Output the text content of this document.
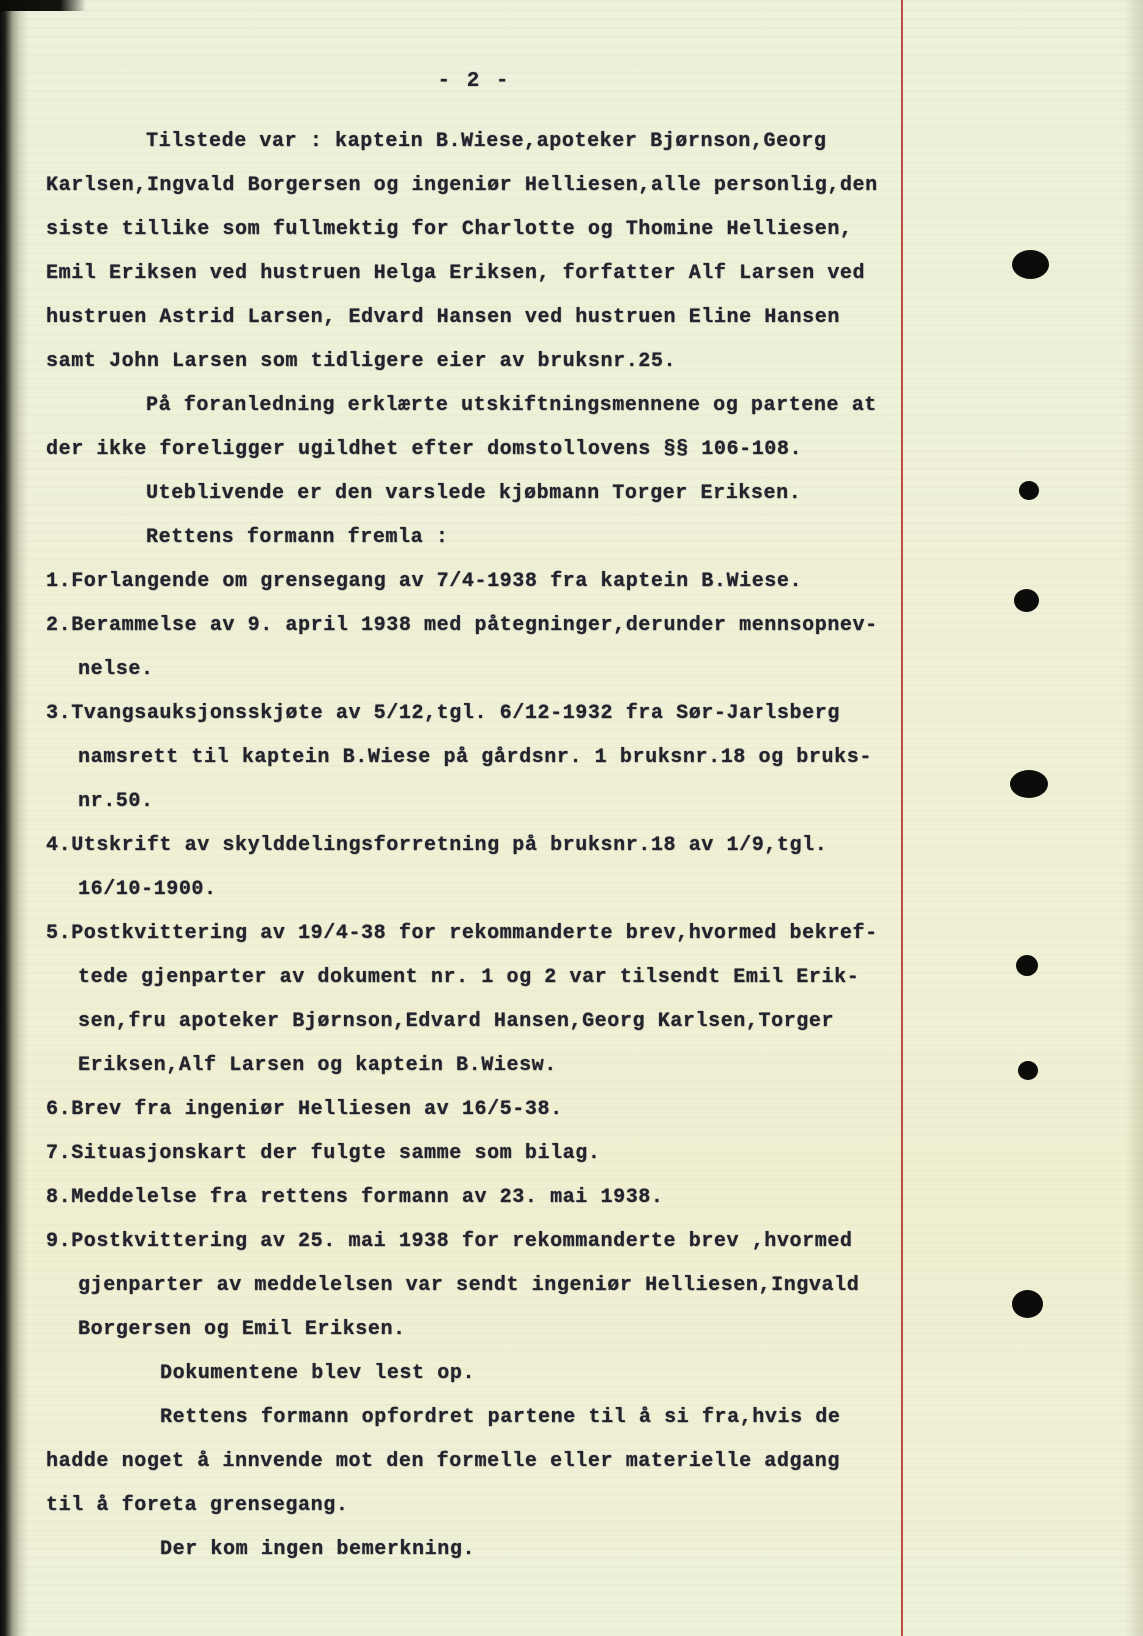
- 2 -
Tilstede var : kaptein B.Wiese,apoteker Bjørnson,Georg
Karlsen,Ingvald Borgersen og ingeniør Helliesen,alle personlig,den
siste tillike som fullmektig for Charlotte og Thomine Helliesen,
Emil Eriksen ved hustruen Helga Eriksen, forfatter Alf Larsen ved
hustruen Astrid Larsen, Edvard Hansen ved hustruen Eline Hansen
samt John Larsen som tidligere eier av bruksnr.25.
På foranledning erklærte utskiftningsmennene og partene at
der ikke foreligger ugildhet efter domstollovens §§ 106-108.
Uteblivende er den varslede kjøbmann Torger Eriksen.
Rettens formann fremla :
1.Forlangende om grensegang av 7/4-1938 fra kaptein B.Wiese.
2.Berammelse av 9. april 1938 med påtegninger,derunder mennsopnev-
nelse.
3.Tvangsauksjonsskjøte av 5/12,tgl. 6/12-1932 fra Sør-Jarlsberg
namsrett til kaptein B.Wiese på gårdsnr. 1 bruksnr.18 og bruks-
nr.50.
4.Utskrift av skylddelingsforretning på bruksnr.18 av 1/9,tgl.
16/10-1900.
5.Postkvittering av 19/4-38 for rekommanderte brev,hvormed bekref-
tede gjenparter av dokument nr. 1 og 2 var tilsendt Emil Erik-
sen,fru apoteker Bjørnson,Edvard Hansen,Georg Karlsen,Torger
Eriksen,Alf Larsen og kaptein B.Wiesw.
6.Brev fra ingeniør Helliesen av 16/5-38.
7.Situasjonskart der fulgte samme som bilag.
8.Meddelelse fra rettens formann av 23. mai 1938.
9.Postkvittering av 25. mai 1938 for rekommanderte brev ,hvormed
gjenparter av meddelelsen var sendt ingeniør Helliesen,Ingvald
Borgersen og Emil Eriksen.
Dokumentene blev lest op.
Rettens formann opfordret partene til å si fra,hvis de
hadde noget å innvende mot den formelle eller materielle adgang
til å foreta grensegang.
Der kom ingen bemerkning.
